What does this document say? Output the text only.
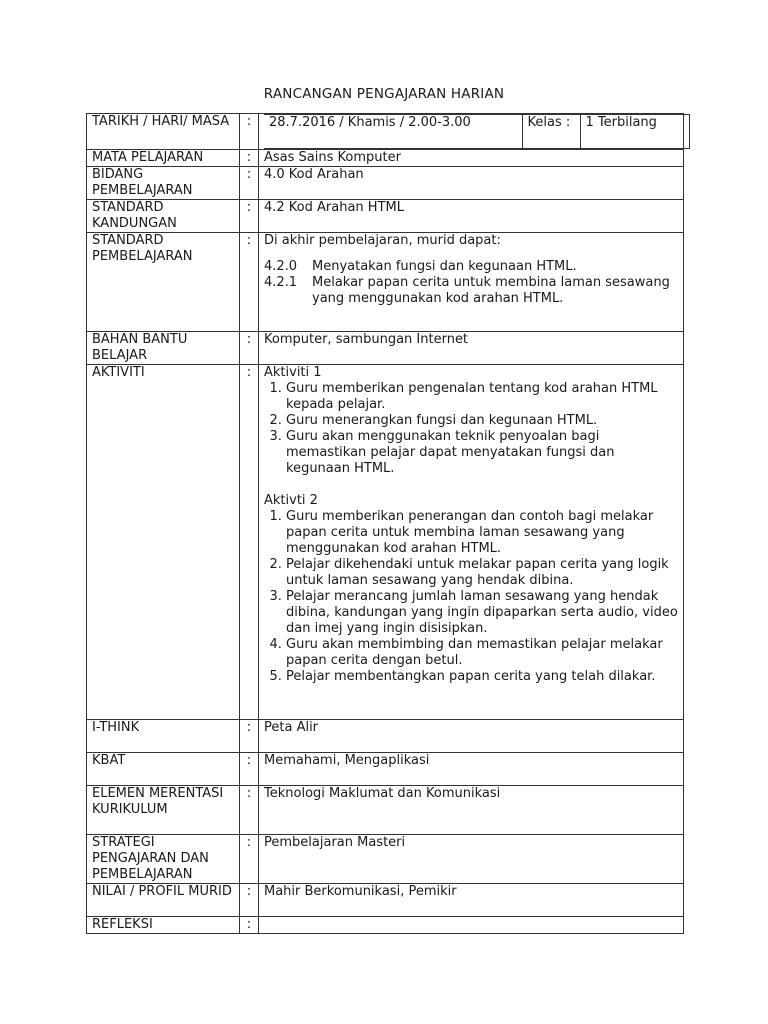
RANCANGAN PENGAJARAN HARIAN
TARIKH / HARI/ MASA	:	28.7.2016 / Khamis / 2.00-3.00	Kelas :	1 Terbilang

MATA PELAJARAN	:	Asas Sains Komputer
BIDANG PEMBELAJARAN	:	4.0 Kod Arahan
STANDARD KANDUNGAN	:	4.2 Kod Arahan HTML
STANDARD PEMBELAJARAN	:	Di akhir pembelajaran, murid dapat:
4.2.0	Menyatakan fungsi dan kegunaan HTML.
4.2.1	Melakar papan cerita untuk membina laman sesawang yang menggunakan kod arahan HTML.

BAHAN BANTU BELAJAR	:	Komputer, sambungan Internet
AKTIVITI	:	Aktiviti 1
1. Guru memberikan pengenalan tentang kod arahan HTML kepada pelajar.
2. Guru menerangkan fungsi dan kegunaan HTML.
3. Guru akan menggunakan teknik penyoalan bagi memastikan pelajar dapat menyatakan fungsi dan kegunaan HTML.
Aktivti 2
1. Guru memberikan penerangan dan contoh bagi melakar papan cerita untuk membina laman sesawang yang menggunakan kod arahan HTML.
2. Pelajar dikehendaki untuk melakar papan cerita yang logik untuk laman sesawang yang hendak dibina.
3. Pelajar merancang jumlah laman sesawang yang hendak dibina, kandungan yang ingin dipaparkan serta audio, video dan imej yang ingin disisipkan.
4. Guru akan membimbing dan memastikan pelajar melakar papan cerita dengan betul.
5. Pelajar membentangkan papan cerita yang telah dilakar.

I-THINK	:	Peta Alir
KBAT	:	Memahami, Mengaplikasi
ELEMEN MERENTASI KURIKULUM	:	Teknologi Maklumat dan Komunikasi
STRATEGI PENGAJARAN DAN PEMBELAJARAN	:	Pembelajaran Masteri
NILAI / PROFIL MURID	:	Mahir Berkomunikasi, Pemikir
REFLEKSI	:	
